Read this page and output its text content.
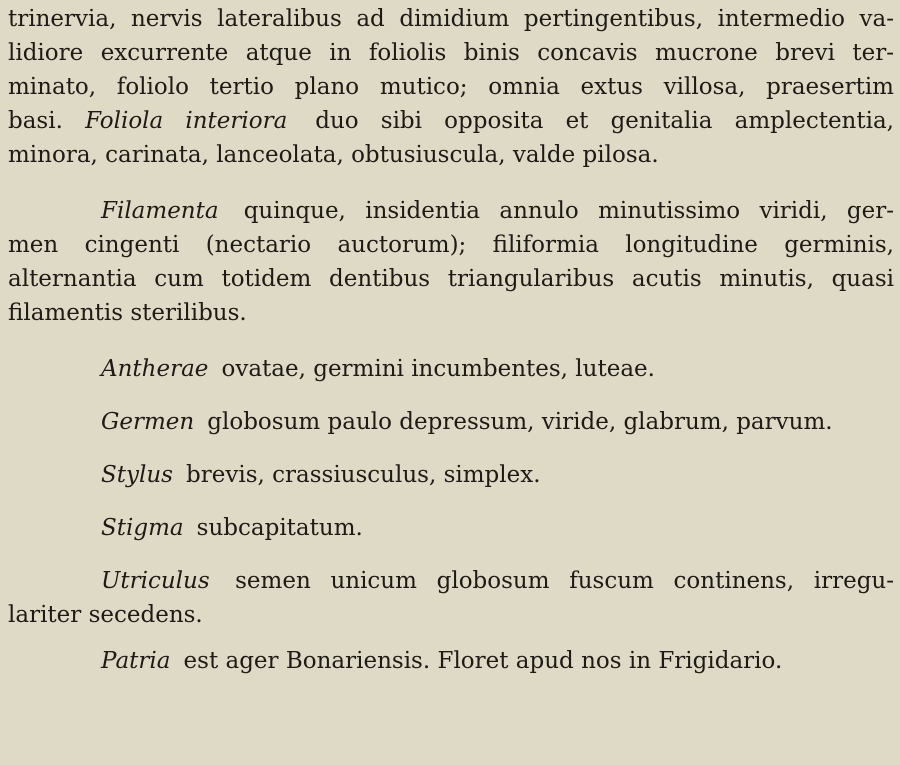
trinervia, nervis lateralibus ad dimidium pertingentibus, intermedio va-
lidiore excurrente atque in foliolis binis concavis mucrone brevi ter-
minato, foliolo tertio plano mutico; omnia extus villosa, praesertim
basi. Foliola interiora duo sibi opposita et genitalia amplectentia,
minora, carinata, lanceolata, obtusiuscula, valde pilosa.
Filamenta quinque, insidentia annulo minutissimo viridi, ger-
men cingenti (nectario auctorum); filiformia longitudine germinis,
alternantia cum totidem dentibus triangularibus acutis minutis, quasi
filamentis sterilibus.
Antherae ovatae, germini incumbentes, luteae.
Germen globosum paulo depressum, viride, glabrum, parvum.
Stylus brevis, crassiusculus, simplex.
Stigma subcapitatum.
Utriculus semen unicum globosum fuscum continens, irregu-
lariter secedens.
Patria est ager Bonariensis. Floret apud nos in Frigidario.
